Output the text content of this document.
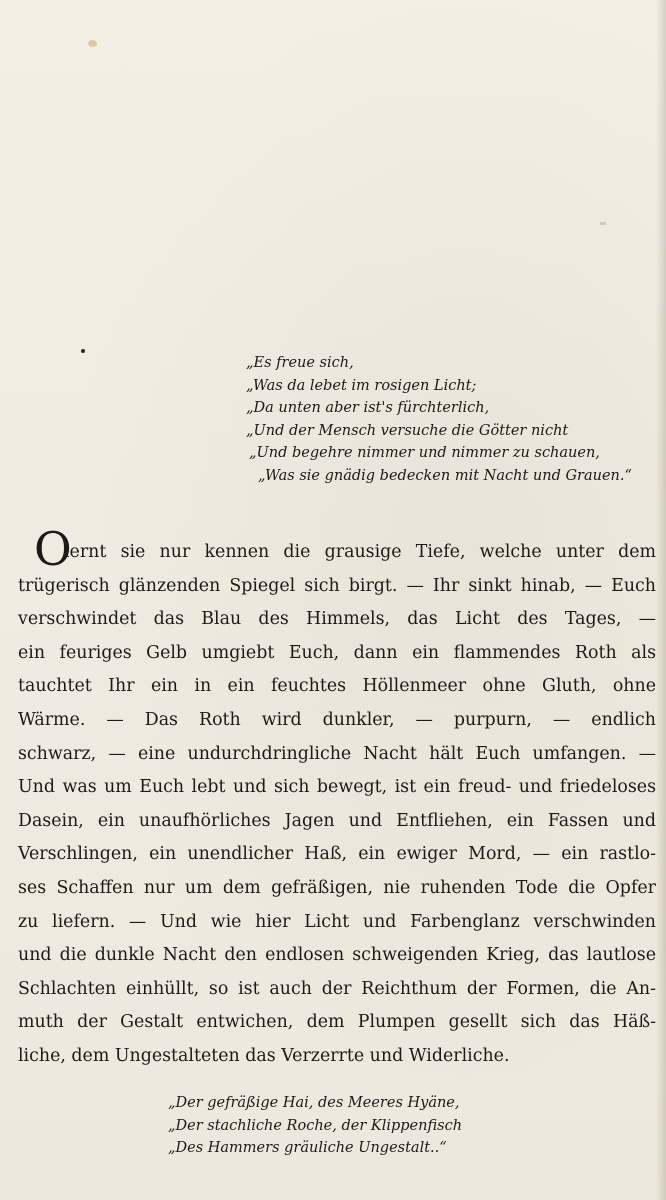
„Es freue sich,
„Was da lebet im rosigen Licht;
„Da unten aber ist's fürchterlich,
„Und der Mensch versuche die Götter nicht
„Und begehre nimmer und nimmer zu schauen,
„Was sie gnädig bedecken mit Nacht und Grauen.“
O
lernt sie nur kennen die grausige Tiefe, welche unter dem
trügerisch glänzenden Spiegel sich birgt. — Ihr sinkt hinab, — Euch
verschwindet das Blau des Himmels, das Licht des Tages, —
ein feuriges Gelb umgiebt Euch, dann ein flammendes Roth als
tauchtet Ihr ein in ein feuchtes Höllenmeer ohne Gluth, ohne
Wärme. — Das Roth wird dunkler, — purpurn, — endlich
schwarz, — eine undurchdringliche Nacht hält Euch umfangen. —
Und was um Euch lebt und sich bewegt, ist ein freud- und friedeloses
Dasein, ein unaufhörliches Jagen und Entfliehen, ein Fassen und
Verschlingen, ein unendlicher Haß, ein ewiger Mord, — ein rastlo-
ses Schaffen nur um dem gefräßigen, nie ruhenden Tode die Opfer
zu liefern. — Und wie hier Licht und Farbenglanz verschwinden
und die dunkle Nacht den endlosen schweigenden Krieg, das lautlose
Schlachten einhüllt, so ist auch der Reichthum der Formen, die An-
muth der Gestalt entwichen, dem Plumpen gesellt sich das Häß-
liche, dem Ungestalteten das Verzerrte und Widerliche.
„Der gefräßige Hai, des Meeres Hyäne,
„Der stachliche Roche, der Klippenfisch
„Des Hammers gräuliche Ungestalt..“
